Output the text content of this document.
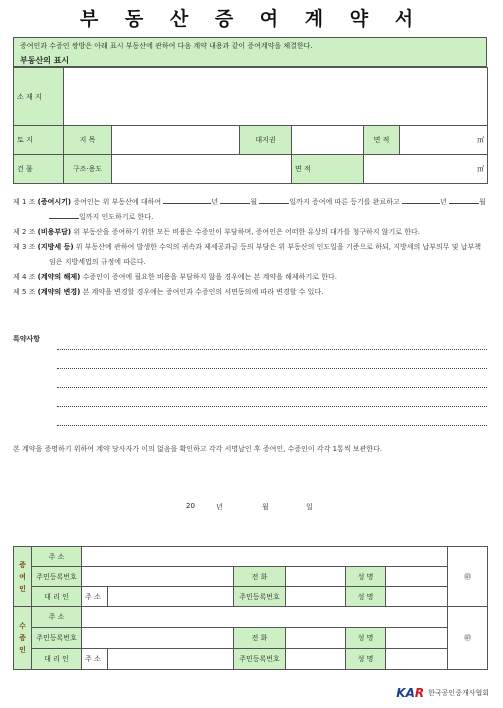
부 동 산 증 여 계 약 서
증여인과 수증인 쌍방은 아래 표시 부동산에 관하여 다음 계약 내용과 같이 증여계약을 체결한다.
부동산의 표시
소 재 지						
토 지	지 목		대지권		면 적	㎡
건 물	구조·용도			면 적	㎡	
제 1 조 (증여시기) 증여인는 위 부동산에 대하여	년	월	일까지 증여에 따른 등기를 완료하고	년	월 일까지 인도하기로 한다.
제 2 조 (비용부담) 위 부동산을 증여하기 위한 모든 비용은 수증인이 부담하며, 증여인은 어떠한 유상의 대가를 청구하지 않기로 한다.
제 3 조 (지방세 등) 위 부동산에 관하여 발생한 수익의 귀속과 제세공과금 등의 부담은 위 부동산의 인도일을 기준으로 하되, 지방세의 납부의무 및 납부책임은 지방세법의 규정에 따른다.
제 4 조 (계약의 해제) 수증인이 증여에 필요한 비용을 부담하지 않을 경우에는 본 계약을 해제하기로 한다.
제 5 조 (계약의 변경) 본 계약을 변경할 경우에는 증여인과 수증인의 서면동의에 따라 변경할 수 있다.
특약사항
본 계약을 증명하기 위하여 계약 당사자가 이의 없음을 확인하고 각각 서명날인 후 증여인, 수증인이 각각 1통씩 보관한다.
20	년	월	일
증
여
인	주 소							㊞
	주민등록번호			전 화		성 명		
	대 리 인	주 소		주민등록번호		성 명		
수
증
인	주 소							㊞
	주민등록번호			전 화		성 명		
	대 리 인	주 소		주민등록번호		성 명		
KAR 한국공인중개사협회
